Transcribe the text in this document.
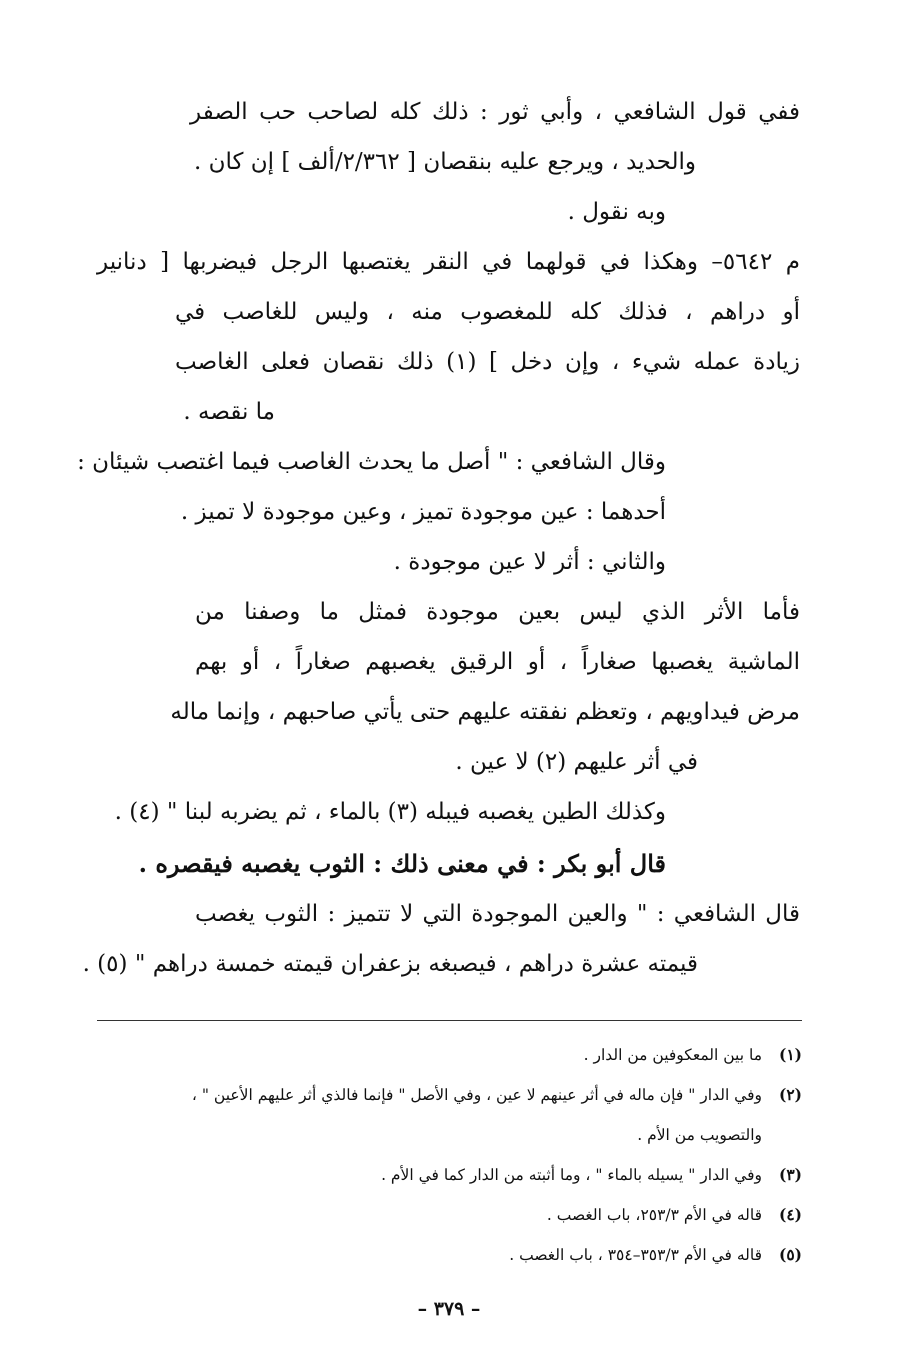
ففي قول الشافعي ، وأبي ثور : ذلك كله لصاحب حب الصفر
والحديد ، ويرجع عليه بنقصان [ ٢/٣٦٢/ألف ] إن كان .
وبه نقول .
م ٥٦٤٢– وهكذا في قولهما في النقر يغتصبها الرجل فيضربها [ دنانير
أو دراهم ، فذلك كله للمغصوب منه ، وليس للغاصب في
زيادة عمله شيء ، وإن دخل ] (١) ذلك نقصان فعلى الغاصب
ما نقصه .
وقال الشافعي : " أصل ما يحدث الغاصب فيما اغتصب شيئان :
أحدهما : عين موجودة تميز ، وعين موجودة لا تميز .
والثاني : أثر لا عين موجودة .
فأما الأثر الذي ليس بعين موجودة فمثل ما وصفنا من
الماشية يغصبها صغاراً ، أو الرقيق يغصبهم صغاراً ، أو بهم
مرض فيداويهم ، وتعظم نفقته عليهم حتى يأتي صاحبهم ، وإنما ماله
في أثر عليهم (٢) لا عين .
وكذلك الطين يغصبه فيبله (٣) بالماء ، ثم يضربه لبنا " (٤) .
قال أبو بكر : في معنى ذلك : الثوب يغصبه فيقصره .
قال الشافعي : " والعين الموجودة التي لا تتميز : الثوب يغصب
قيمته عشرة دراهم ، فيصبغه بزعفران قيمته خمسة دراهم " (٥) .
(١)ما بين المعكوفين من الدار .
(٢)وفي الدار " فإن ماله في أثر عينهم لا عين ، وفي الأصل " فإنما فالذي أثر عليهم الأعين " ،
والتصويب من الأم .
(٣)وفي الدار " يسيله بالماء " ، وما أثبته من الدار كما في الأم .
(٤)قاله في الأم ٢٥٣/٣، باب الغصب .
(٥)قاله في الأم ٣٥٣/٣–٣٥٤ ، باب الغصب .
– ٣٧٩ –
